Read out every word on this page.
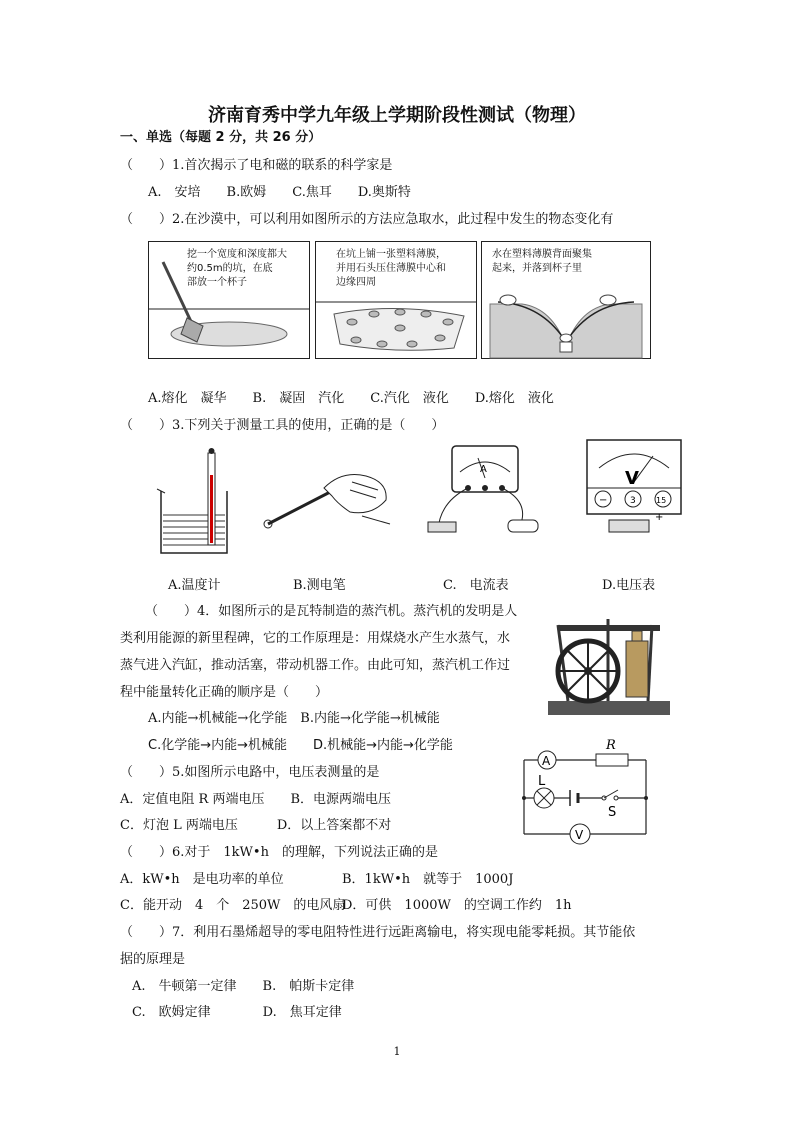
济南育秀中学九年级上学期阶段性测试（物理）
一、单选（每题 2 分，共 26 分）
（　　）1.首次揭示了电和磁的联系的科学家是
A.　安培　　B.欧姆　　C.焦耳　　D.奥斯特
（　　）2.在沙漠中，可以利用如图所示的方法应急取水，此过程中发生的物态变化有
挖一个宽度和深度都大
约0.5m的坑，在底
部放一个杯子
在坑上铺一张塑料薄膜，
并用石头压住薄膜中心和
边缘四周
水在塑料薄膜背面聚集
起来，并落到杯子里
A.熔化　凝华　　B.　凝固　汽化　　C.汽化　液化　　D.熔化　液化
（　　）3.下列关于测量工具的使用，正确的是（　　）
A	V
−	3	15
+
A.温度计	B.测电笔	C.　电流表	D.电压表
（　　）4．如图所示的是瓦特制造的蒸汽机。蒸汽机的发明是人
类利用能源的新里程碑，它的工作原理是：用煤烧水产生水蒸气，水
蒸气进入汽缸，推动活塞，带动机器工作。由此可知，蒸汽机工作过
程中能量转化正确的顺序是（　　）
A.内能→机械能→化学能　B.内能→化学能→机械能
C.化学能→内能→机械能　　D.机械能→内能→化学能
A
R
L
S
V
（　　）5.如图所示电路中，电压表测量的是
A．定值电阻 R 两端电压　　B．电源两端电压
C．灯泡 L 两端电压　　　D．以上答案都不对
（　　）6.对于　1kW•h　的理解，下列说法正确的是
A．kW•h　是电功率的单位	B．1kW•h　就等于　1000J
C．能开动　4　个　250W　的电风扇
D．可供　1000W　的空调工作约　1h
（　　）7．利用石墨烯超导的零电阻特性进行远距离输电，将实现电能零耗损。其节能依
据的原理是
A.　牛顿第一定律　　B.　帕斯卡定律
C.　欧姆定律　　　　D.　焦耳定律
1
